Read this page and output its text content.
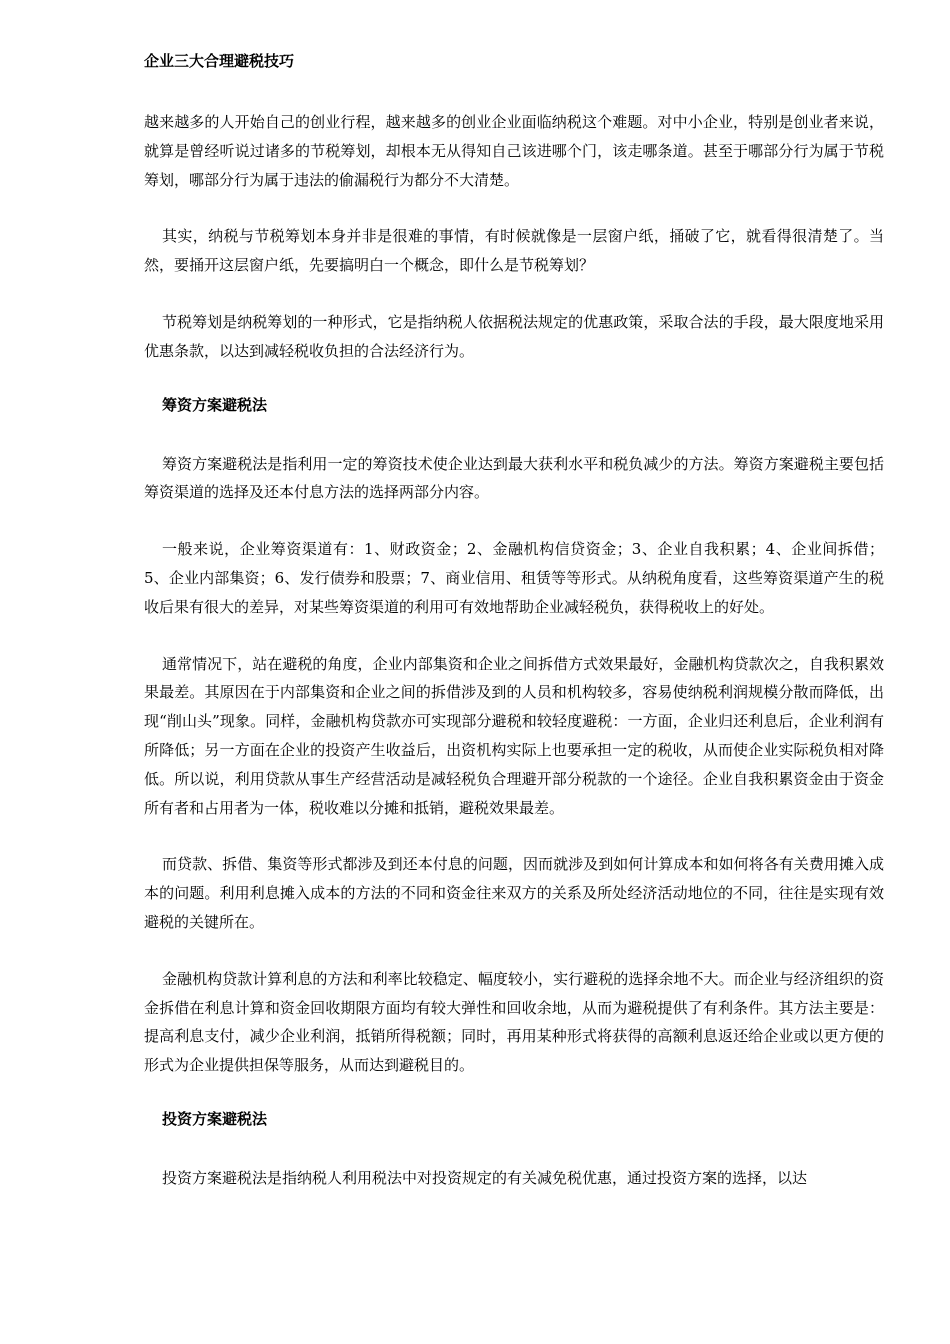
企业三大合理避税技巧

越来越多的人开始自己的创业行程，越来越多的创业企业面临纳税这个难题。对中小企业，特别是创业者来说，就算是曾经听说过诸多的节税筹划，却根本无从得知自己该进哪个门，该走哪条道。甚至于哪部分行为属于节税筹划，哪部分行为属于违法的偷漏税行为都分不大清楚。

其实，纳税与节税筹划本身并非是很难的事情，有时候就像是一层窗户纸，捅破了它，就看得很清楚了。当然，要捅开这层窗户纸，先要搞明白一个概念，即什么是节税筹划？

节税筹划是纳税筹划的一种形式，它是指纳税人依据税法规定的优惠政策，采取合法的手段，最大限度地采用优惠条款，以达到减轻税收负担的合法经济行为。

筹资方案避税法

筹资方案避税法是指利用一定的筹资技术使企业达到最大获利水平和税负减少的方法。筹资方案避税主要包括筹资渠道的选择及还本付息方法的选择两部分内容。

一般来说，企业筹资渠道有：1、财政资金；2、金融机构信贷资金；3、企业自我积累；4、企业间拆借；5、企业内部集资；6、发行债券和股票；7、商业信用、租赁等等形式。从纳税角度看，这些筹资渠道产生的税收后果有很大的差异，对某些筹资渠道的利用可有效地帮助企业减轻税负，获得税收上的好处。

通常情况下，站在避税的角度，企业内部集资和企业之间拆借方式效果最好，金融机构贷款次之，自我积累效果最差。其原因在于内部集资和企业之间的拆借涉及到的人员和机构较多，容易使纳税利润规模分散而降低，出现“削山头”现象。同样，金融机构贷款亦可实现部分避税和较轻度避税：一方面，企业归还利息后，企业利润有所降低；另一方面在企业的投资产生收益后，出资机构实际上也要承担一定的税收，从而使企业实际税负相对降低。所以说，利用贷款从事生产经营活动是减轻税负合理避开部分税款的一个途径。企业自我积累资金由于资金所有者和占用者为一体，税收难以分摊和抵销，避税效果最差。

而贷款、拆借、集资等形式都涉及到还本付息的问题，因而就涉及到如何计算成本和如何将各有关费用摊入成本的问题。利用利息摊入成本的方法的不同和资金往来双方的关系及所处经济活动地位的不同，往往是实现有效避税的关键所在。

金融机构贷款计算利息的方法和利率比较稳定、幅度较小，实行避税的选择余地不大。而企业与经济组织的资金拆借在利息计算和资金回收期限方面均有较大弹性和回收余地，从而为避税提供了有利条件。其方法主要是：提高利息支付，减少企业利润，抵销所得税额；同时，再用某种形式将获得的高额利息返还给企业或以更方便的形式为企业提供担保等服务，从而达到避税目的。

投资方案避税法

投资方案避税法是指纳税人利用税法中对投资规定的有关减免税优惠，通过投资方案的选择，以达
